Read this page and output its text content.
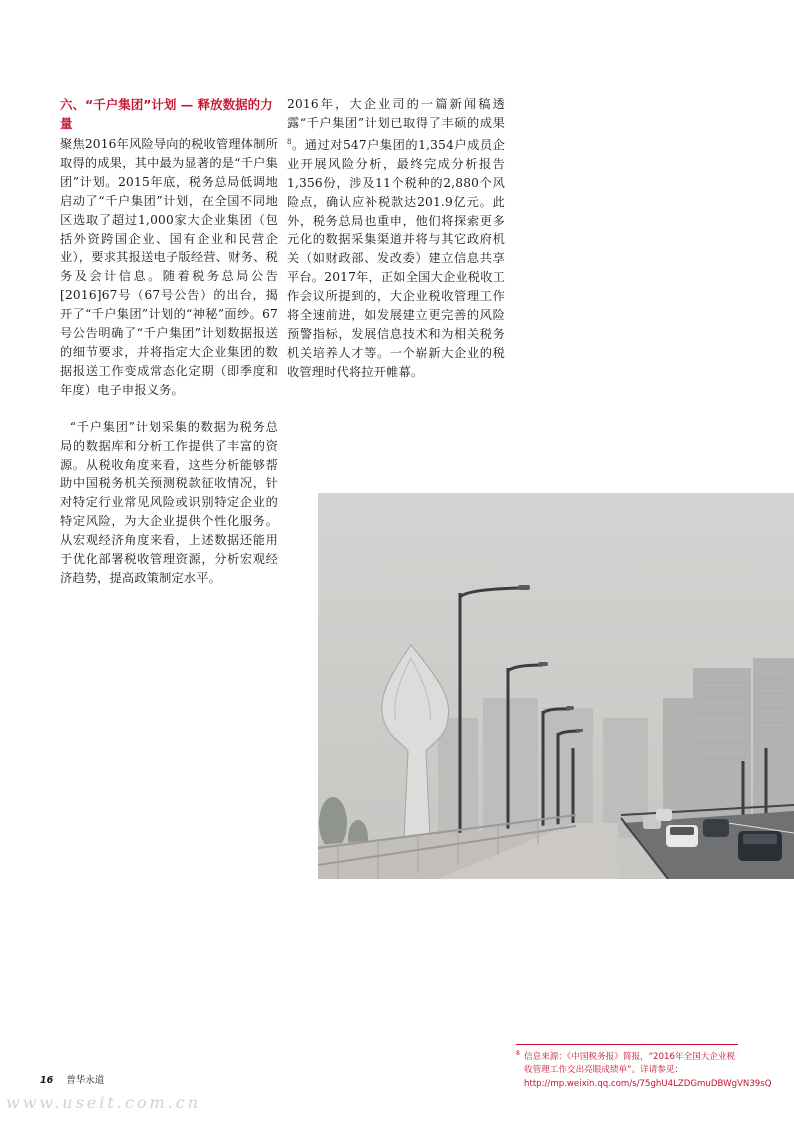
六、“千户集团”计划 — 释放数据的力量

聚焦2016年风险导向的税收管理体制所取得的成果，其中最为显著的是“千户集团”计划。2015年底，税务总局低调地启动了“千户集团”计划，在全国不同地区选取了超过1,000家大企业集团（包括外资跨国企业、国有企业和民营企业），要求其报送电子版经营、财务、税务及会计信息。随着税务总局公告[2016]67号（67号公告）的出台，揭开了“千户集团”计划的“神秘”面纱。67号公告明确了“千户集团”计划数据报送的细节要求，并将指定大企业集团的数据报送工作变成常态化定期（即季度和年度）电子申报义务。

“千户集团”计划采集的数据为税务总局的数据库和分析工作提供了丰富的资源。从税收角度来看，这些分析能够帮助中国税务机关预测税款征收情况，针对特定行业常见风险或识别特定企业的特定风险，为大企业提供个性化服务。从宏观经济角度来看，上述数据还能用于优化部署税收管理资源，分析宏观经济趋势，提高政策制定水平。

2016年，大企业司的一篇新闻稿透露“千户集团”计划已取得了丰硕的成果$^8$。通过对547户集团的1,354户成员企业开展风险分析，最终完成分析报告1,356份，涉及11个税种的2,880个风险点，确认应补税款达201.9亿元。此外，税务总局也重申，他们将探索更多元化的数据采集渠道并将与其它政府机关（如财政部、发改委）建立信息共享平台。2017年，正如全国大企业税收工作会议所提到的，大企业税收管理工作将全速前进，如发展建立更完善的风险预警指标，发展信息技术和为相关税务机关培养人才等。一个崭新大企业的税收管理时代将拉开帷幕。

$^8$ 信息来源：《中国税务报》简报，“2016年全国大企业税收管理工作交出亮眼成绩单”。详请参见：http://mp.weixin.qq.com/s/75ghU4LZDGmuDBWgVN39sQ
16 普华永道
www.useit.com.cn
